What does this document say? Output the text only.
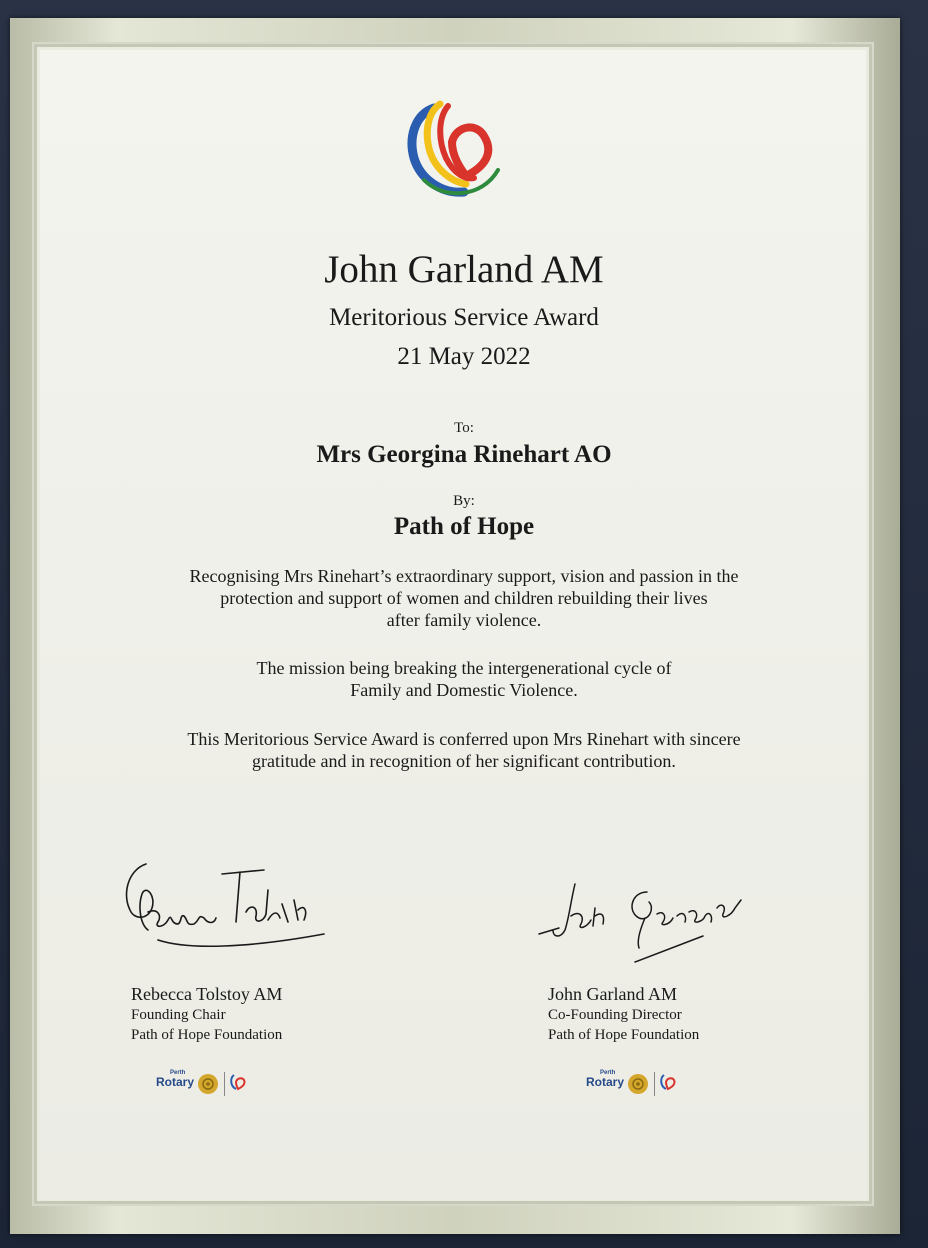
John Garland AM
Meritorious Service Award
21 May 2022
To:
Mrs Georgina Rinehart AO
By:
Path of Hope
Recognising Mrs Rinehart’s extraordinary support, vision and passion in the
protection and support of women and children rebuilding their lives
after family violence.
The mission being breaking the intergenerational cycle of
Family and Domestic Violence.
This Meritorious Service Award is conferred upon Mrs Rinehart with sincere
gratitude and in recognition of her significant contribution.
Rebecca Tolstoy AM
Founding Chair
Path of Hope Foundation
John Garland AM
Co-Founding Director
Path of Hope Foundation
Perth
Rotary
Perth
Rotary
